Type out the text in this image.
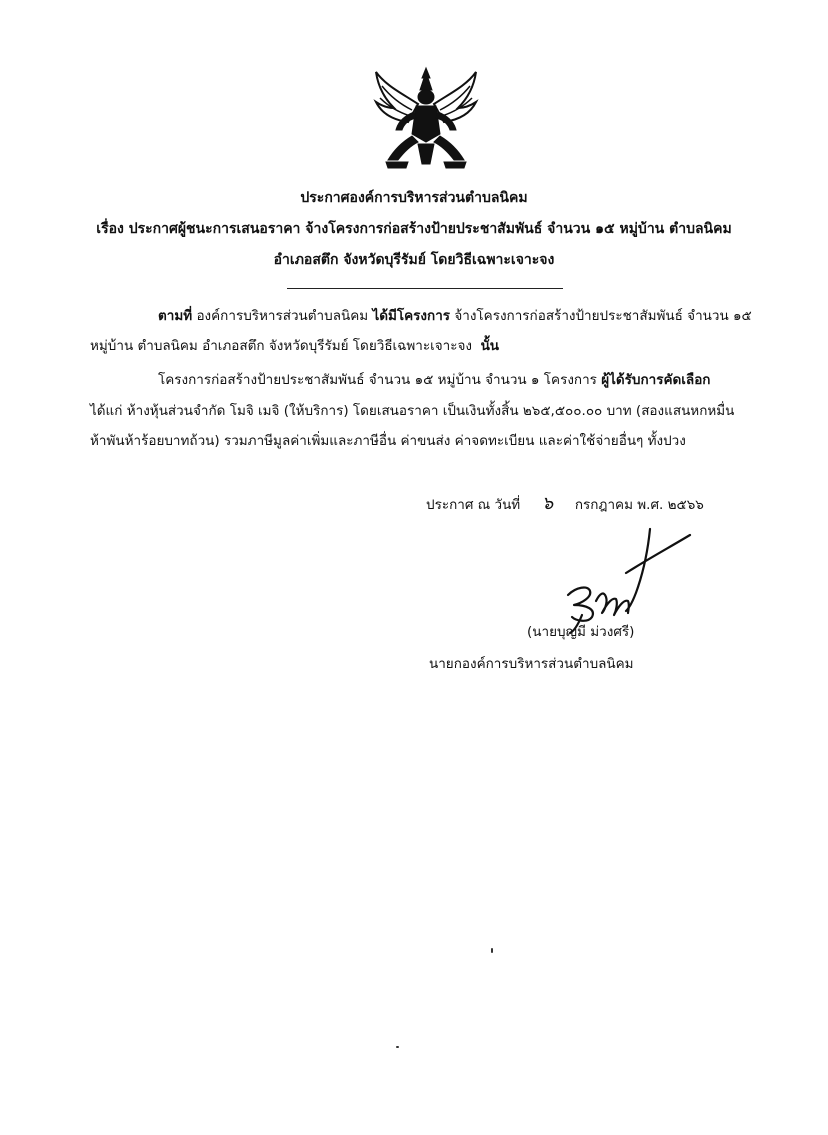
ประกาศองค์การบริหารส่วนตำบลนิคม
เรื่อง ประกาศผู้ชนะการเสนอราคา จ้างโครงการก่อสร้างป้ายประชาสัมพันธ์ จำนวน ๑๕ หมู่บ้าน ตำบลนิคม
อำเภอสตึก จังหวัดบุรีรัมย์ โดยวิธีเฉพาะเจาะจง
ตามที่ องค์การบริหารส่วนตำบลนิคม ได้มีโครงการ จ้างโครงการก่อสร้างป้ายประชาสัมพันธ์ จำนวน ๑๕
หมู่บ้าน ตำบลนิคม อำเภอสตึก จังหวัดบุรีรัมย์ โดยวิธีเฉพาะเจาะจง นั้น
โครงการก่อสร้างป้ายประชาสัมพันธ์ จำนวน ๑๕ หมู่บ้าน จำนวน ๑ โครงการ ผู้ได้รับการคัดเลือก
ได้แก่ ห้างหุ้นส่วนจำกัด โมจิ เมจิ (ให้บริการ) โดยเสนอราคา เป็นเงินทั้งสิ้น ๒๖๕,๕๐๐.๐๐ บาท (สองแสนหกหมื่น
ห้าพันห้าร้อยบาทถ้วน) รวมภาษีมูลค่าเพิ่มและภาษีอื่น ค่าขนส่ง ค่าจดทะเบียน และค่าใช้จ่ายอื่นๆ ทั้งปวง
ประกาศ ณ วันที่ ๖ กรกฎาคม พ.ศ. ๒๕๖๖
(นายบุญมี ม่วงศรี)
นายกองค์การบริหารส่วนตำบลนิคม
